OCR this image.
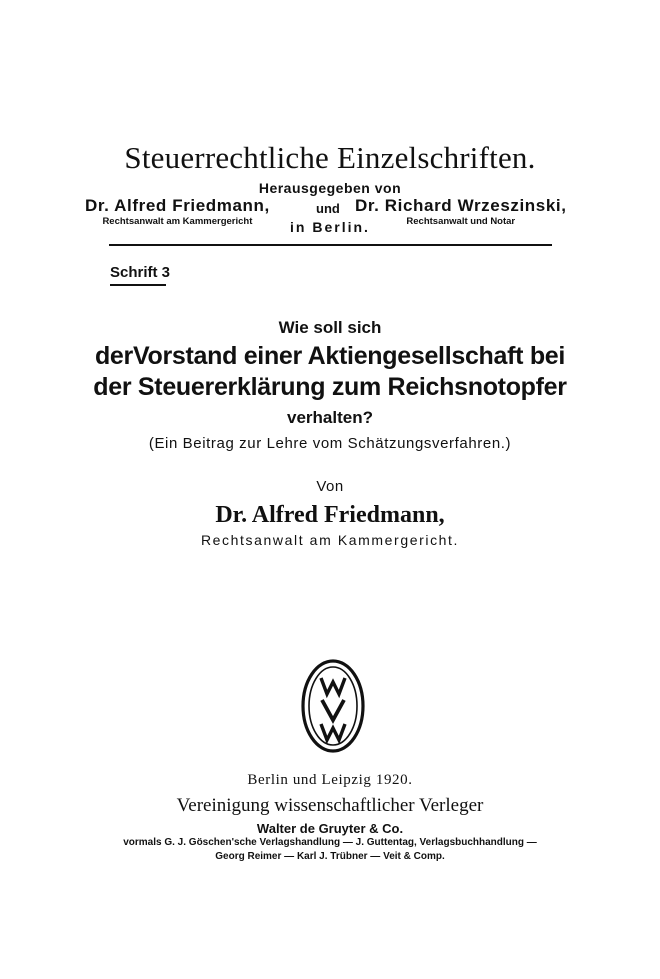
Steuerrechtliche Einzelschriften.
Herausgegeben von
Dr. Alfred Friedmann,
Rechtsanwalt am Kammergericht
und Dr. Richard Wrzeszinski,
Rechtsanwalt und Notar
in Berlin.
Schrift 3
Wie soll sich
derVorstand einer Aktiengesellschaft bei
der Steuererklärung zum Reichsnotopfer
verhalten?
(Ein Beitrag zur Lehre vom Schätzungsverfahren.)
Von
Dr. Alfred Friedmann,
Rechtsanwalt am Kammergericht.
Berlin und Leipzig 1920.
Vereinigung wissenschaftlicher Verleger
Walter de Gruyter & Co.
vormals G. J. Göschen'sche Verlagshandlung — J. Guttentag, Verlagsbuchhandlung —
Georg Reimer — Karl J. Trübner — Veit & Comp.
